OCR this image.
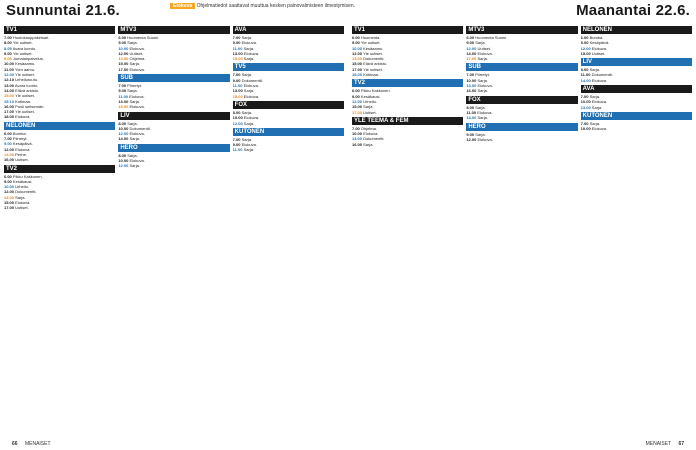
Sunnuntai 21.6.	Elokuva Ohjelmatiedot saattavat muuttua kesken painovalmisteen ilmestymisen.
TV1
7.00 Huutokauppakeisari.
8.00 Yle uutiset.
8.05 Avara luonto.
9.00 Yle uutiset.
9.05 Jumalanpalvelus.
10.00 Kesäaamu.
11.00 Ylen aamu.
12.00 Yle uutiset.
12.10 Urheiluruutu.
13.00 Avara luonto.
14.00 Elävä arkisto.
15.00 Yle uutiset.
15.10 Kotimaa.
16.00 Puoli seitsemän.
17.00 Yle uutiset.
18.00 Elokuva.
NELONEN
6.00 Bumba.
7.00 Piirretyt.
9.00 Kesäpäivä.
12.00 Elokuva.
14.00 Perhe.
16.00 Uutiset.
TV2
6.00 Pikku Kakkonen.
9.00 Kesäkausi.
10.00 Urheilu.
12.00 Dokumentti.
13.00 Sarja.
15.00 Elokuva.
17.00 Uutiset.
MTV3
6.00 Huomenta Suomi.
9.00 Sarja.
10.00 Elokuva.
12.00 Uutiset.
13.00 Ohjelma.
15.00 Sarja.
17.00 Elokuva.
SUB
7.00 Piirretyt.
9.00 Sarja.
11.00 Elokuva.
13.00 Sarja.
15.00 Elokuva.
LIV
8.00 Sarja.
10.00 Dokumentti.
12.00 Elokuva.
14.00 Sarja.
HERO
8.00 Sarja.
10.00 Elokuva.
12.00 Sarja.
AVA
7.00 Sarja.
9.00 Elokuva.
11.00 Sarja.
13.00 Elokuva.
15.00 Sarja.
TV5
7.00 Sarja.
9.00 Dokumentti.
11.00 Elokuva.
13.00 Sarja.
15.00 Elokuva.
FOX
8.00 Sarja.
10.00 Elokuva.
12.00 Sarja.
KUTONEN
7.00 Sarja.
9.00 Elokuva.
11.00 Sarja.
66 MENAISET
Maanantai 22.6.
TV1
6.00 Huomenta.
9.00 Yle uutiset.
10.00 Kesäaamu.
12.00 Yle uutiset.
13.00 Dokumentti.
15.00 Elävä arkisto.
17.00 Yle uutiset.
18.00 Kotimaa.
TV2
6.00 Pikku Kakkonen.
9.00 Kesäkausi.
12.00 Urheilu.
15.00 Sarja.
17.00 Uutiset.
YLE TEEMA & FEM
7.00 Ohjelma.
10.00 Elokuva.
13.00 Dokumentti.
16.00 Sarja.
MTV3
6.00 Huomenta Suomi.
9.00 Sarja.
12.00 Uutiset.
14.00 Elokuva.
17.00 Sarja.
SUB
7.00 Piirretyt.
10.00 Sarja.
13.00 Elokuva.
16.00 Sarja.
FOX
8.00 Sarja.
11.00 Elokuva.
14.00 Sarja.
HERO
9.00 Sarja.
12.00 Elokuva.
NELONEN
6.00 Bumba.
9.00 Kesäpäivä.
12.00 Elokuva.
15.00 Uutiset.
LIV
8.00 Sarja.
11.00 Dokumentti.
14.00 Elokuva.
AVA
7.00 Sarja.
10.00 Elokuva.
13.00 Sarja.
KUTONEN
7.00 Sarja.
10.00 Elokuva.
MENAISET 67
